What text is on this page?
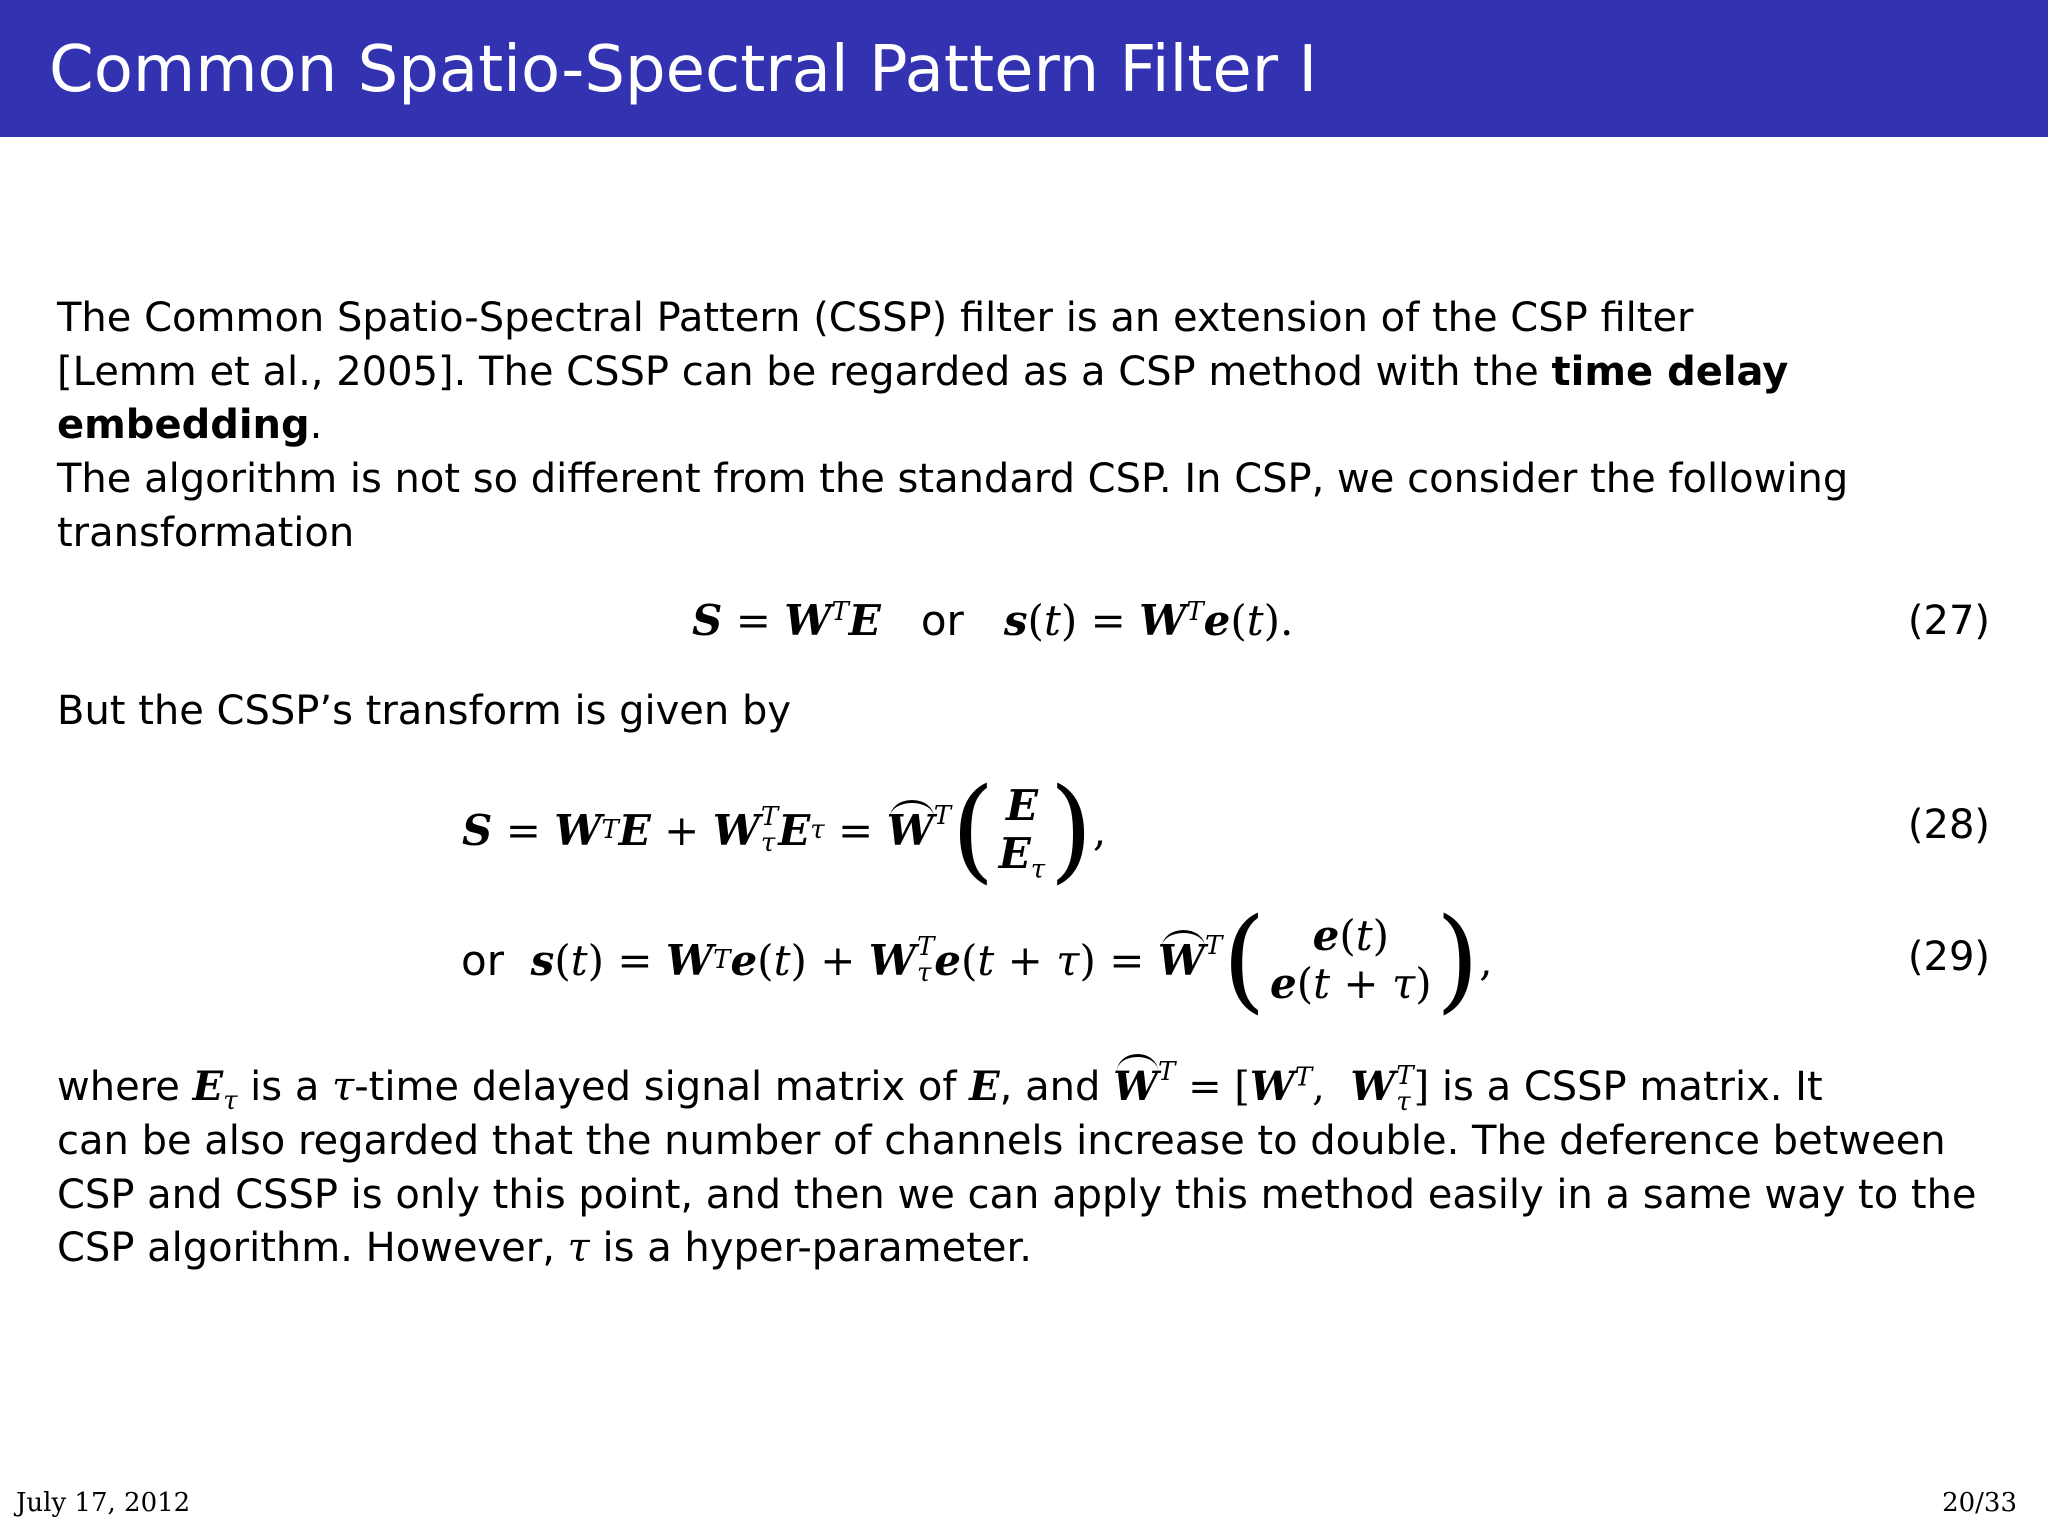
Common Spatio-Spectral Pattern Filter I

The Common Spatio-Spectral Pattern (CSSP) filter is an extension of the CSP filter
[Lemm et al., 2005]. The CSSP can be regarded as a CSP method with the time delay
embedding.

The algorithm is not so different from the standard CSP. In CSP, we consider the following
transformation

$S = W^TE$ or $s(t) = W^Te(t)$.	(27)

But the CSSP’s transform is given by

S
=
W T E
+
W T
τ E τ
=
$W^T$ ( E
$E_\tau$ ) ,	(28)
or
s ( t )
=
W T e ( t )
+
W T
τ e ( t
+
τ )
=
$W^T$ ( e(t)
e(t + τ) ) ,	(29)

where $E_\tau$ is a τ-time delayed signal matrix of E, and $W^T = [W^T$, W T
τ ] is a CSSP matrix. It
can be also regarded that the number of channels increase to double. The deference between
CSP and CSSP is only this point, and then we can apply this method easily in a same way to the
CSP algorithm. However, τ is a hyper-parameter.

July 17, 2012	20/33
